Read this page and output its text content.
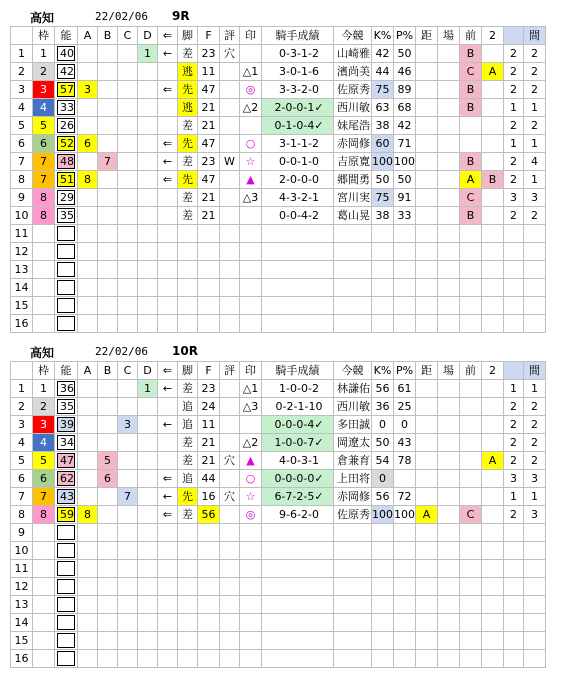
高知	22/02/06 9R
	枠	能	A	B	C	D	⇐	脚	F	評	印	騎手成績	今競	K%	P%	距	場	前	2		間
1	1	40				1	←	差	23	穴		0-3-1-2	山崎雅	42	50			B		2	2
2	2	42						逃	11		△1	3-0-1-6	濱尚美	44	46			C	A	2	2
3	3	57	3				⇐	先	47		◎	3-3-2-0	佐原秀	75	89			B		2	2
4	4	33						逃	21		△2	2-0-0-1✓	西川敏	63	68			B		1	1
5	5	26						差	21			0-1-0-4✓	妹尾浩	38	42					2	2
6	6	52	6				⇐	先	47		○	3-1-1-2	赤岡修	60	71					1	1
7	7	48		7			←	差	23	W	☆	0-0-1-0	吉原寛	100	100			B		2	4
8	7	51	8				⇐	先	47		▲	2-0-0-0	郷間勇	50	50			A	B	2	1
9	8	29						差	21		△3	4-3-2-1	宮川実	75	91			C		3	3
10	8	35						差	21			0-0-4-2	葛山晃	38	33			B		2	2
11		

12		

13		

14		

15		

16		

高知	22/02/06 10R
	枠	能	A	B	C	D	⇐	脚	F	評	印	騎手成績	今競	K%	P%	距	場	前	2		間
1	1	36				1	←	差	23		△1	1-0-0-2	林謙佑	56	61					1	1
2	2	35						追	24		△3	0-2-1-10	西川敏	36	25					2	2
3	3	39			3		←	追	11			0-0-0-4✓	多田誠	0	0					2	2
4	4	34						差	21		△2	1-0-0-7✓	岡遼太	50	43					2	2
5	5	47		5				差	21	穴	▲	4-0-3-1	倉兼育	54	78				A	2	2
6	6	62		6			⇐	追	44		○	0-0-0-0✓	上田将	0						3	3
7	7	43			7		←	先	16	穴	☆	6-7-2-5✓	赤岡修	56	72					1	1
8	8	59	8				⇐	差	56		◎	9-6-2-0	佐原秀	100	100	A		C		2	3
9		

10		

11		

12		

13		

14		

15		

16		
